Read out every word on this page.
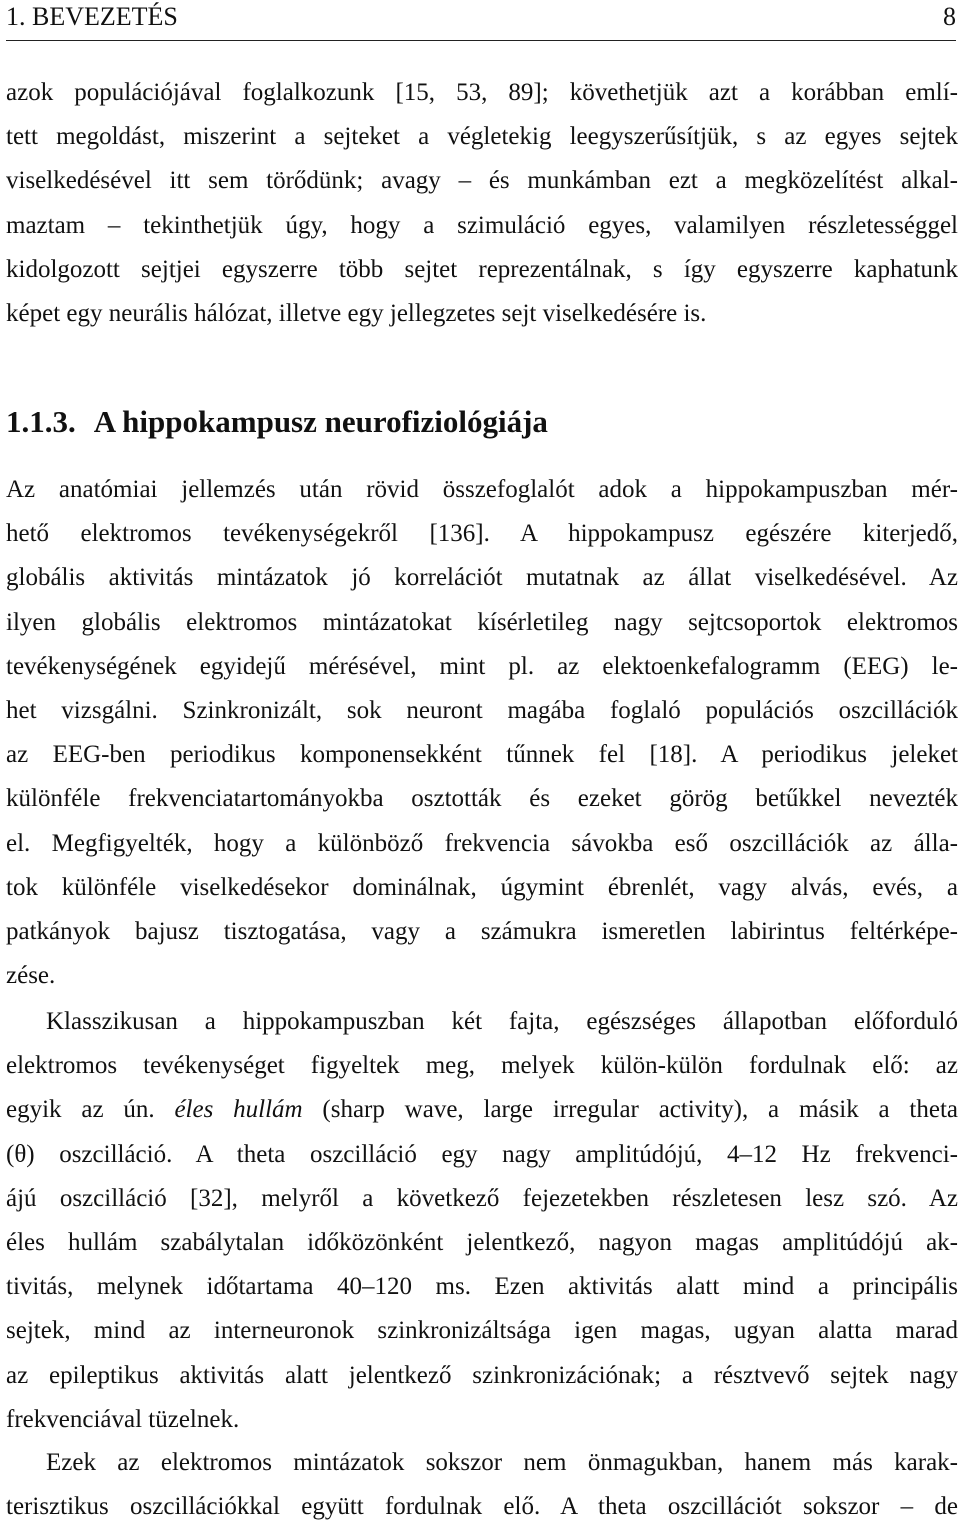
1. BEVEZETÉS	8
azok populációjával foglalkozunk [15, 53, 89]; követhetjük azt a korábban emlí-
tett megoldást, miszerint a sejteket a végletekig leegyszerűsítjük, s az egyes sejtek
viselkedésével itt sem törődünk; avagy – és munkámban ezt a megközelítést alkal-
maztam – tekinthetjük úgy, hogy a szimuláció egyes, valamilyen részletességgel
kidolgozott sejtjei egyszerre több sejtet reprezentálnak, s így egyszerre kaphatunk
képet egy neurális hálózat, illetve egy jellegzetes sejt viselkedésére is.
1.1.3. A hippokampusz neurofiziológiája
Az anatómiai jellemzés után rövid összefoglalót adok a hippokampuszban mér-
hető elektromos tevékenységekről [136]. A hippokampusz egészére kiterjedő,
globális aktivitás mintázatok jó korrelációt mutatnak az állat viselkedésével. Az
ilyen globális elektromos mintázatokat kísérletileg nagy sejtcsoportok elektromos
tevékenységének egyidejű mérésével, mint pl. az elektoenkefalogramm (EEG) le-
het vizsgálni. Szinkronizált, sok neuront magába foglaló populációs oszcillációk
az EEG-ben periodikus komponensekként tűnnek fel [18]. A periodikus jeleket
különféle frekvenciatartományokba osztották és ezeket görög betűkkel nevezték
el. Megfigyelték, hogy a különböző frekvencia sávokba eső oszcillációk az álla-
tok különféle viselkedésekor dominálnak, úgymint ébrenlét, vagy alvás, evés, a
patkányok bajusz tisztogatása, vagy a számukra ismeretlen labirintus feltérképe-
zése.
Klasszikusan a hippokampuszban két fajta, egészséges állapotban előforduló
elektromos tevékenységet figyeltek meg, melyek külön-külön fordulnak elő: az
egyik az ún. éles hullám (sharp wave, large irregular activity), a másik a theta
(θ) oszcilláció. A theta oszcilláció egy nagy amplitúdójú, 4–12 Hz frekvenci-
ájú oszcilláció [32], melyről a következő fejezetekben részletesen lesz szó. Az
éles hullám szabálytalan időközönként jelentkező, nagyon magas amplitúdójú ak-
tivitás, melynek időtartama 40–120 ms. Ezen aktivitás alatt mind a principális
sejtek, mind az interneuronok szinkronizáltsága igen magas, ugyan alatta marad
az epileptikus aktivitás alatt jelentkező szinkronizációnak; a résztvevő sejtek nagy
frekvenciával tüzelnek.
Ezek az elektromos mintázatok sokszor nem önmagukban, hanem más karak-
terisztikus oszcillációkkal együtt fordulnak elő. A theta oszcillációt sokszor – de
